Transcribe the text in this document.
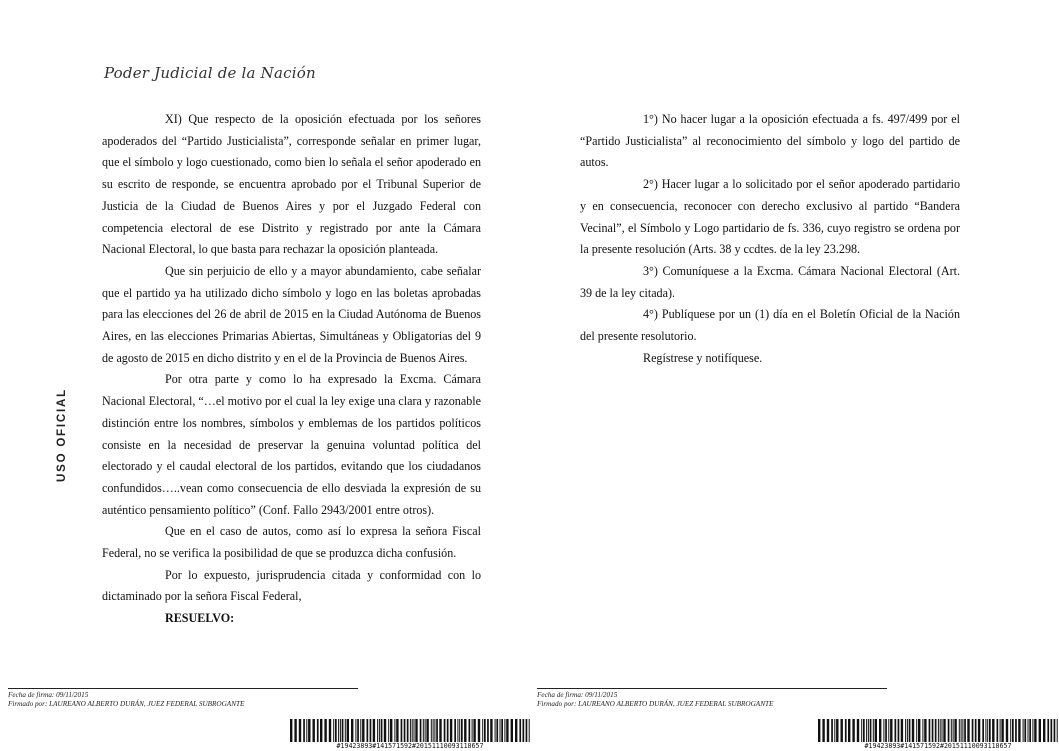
Poder Judicial de la Nación
USO OFICIAL

XI) Que respecto de la oposición efectuada por los señores apoderados del “Partido Justicialista”, corresponde señalar en primer lugar, que el símbolo y logo cuestionado, como bien lo señala el señor apoderado en su escrito de responde, se encuentra aprobado por el Tribunal Superior de Justicia de la Ciudad de Buenos Aires y por el Juzgado Federal con competencia electoral de ese Distrito y registrado por ante la Cámara Nacional Electoral, lo que basta para rechazar la oposición planteada.

Que sin perjuicio de ello y a mayor abundamiento, cabe señalar que el partido ya ha utilizado dicho símbolo y logo en las boletas aprobadas para las elecciones del 26 de abril de 2015 en la Ciudad Autónoma de Buenos Aires, en las elecciones Primarias Abiertas, Simultáneas y Obligatorias del 9 de agosto de 2015 en dicho distrito y en el de la Provincia de Buenos Aires.

Por otra parte y como lo ha expresado la Excma. Cámara Nacional Electoral, “…el motivo por el cual la ley exige una clara y razonable distinción entre los nombres, símbolos y emblemas de los partidos políticos consiste en la necesidad de preservar la genuina voluntad política del electorado y el caudal electoral de los partidos, evitando que los ciudadanos confundidos…..vean como consecuencia de ello desviada la expresión de su auténtico pensamiento político” (Conf. Fallo 2943/2001 entre otros).

Que en el caso de autos, como así lo expresa la señora Fiscal Federal, no se verifica la posibilidad de que se produzca dicha confusión.

Por lo expuesto, jurisprudencia citada y conformidad con lo dictaminado por la señora Fiscal Federal,

RESUELVO:

1°) No hacer lugar a la oposición efectuada a fs. 497/499 por el “Partido Justicialista” al reconocimiento del símbolo y logo del partido de autos.

2°) Hacer lugar a lo solicitado por el señor apoderado partidario y en consecuencia, reconocer con derecho exclusivo al partido “Bandera Vecinal”, el Símbolo y Logo partidario de fs. 336, cuyo registro se ordena por la presente resolución (Arts. 38 y ccdtes. de la ley 23.298.

3°) Comuníquese a la Excma. Cámara Nacional Electoral (Art. 39 de la ley citada).

4°) Publíquese por un (1) día en el Boletín Oficial de la Nación del presente resolutorio.

Regístrese y notifíquese.

Fecha de firma: 09/11/2015
Firmado por: LAUREANO ALBERTO DURÁN, JUEZ FEDERAL SUBROGANTE
Fecha de firma: 09/11/2015
Firmado por: LAUREANO ALBERTO DURÁN, JUEZ FEDERAL SUBROGANTE
#19423893#141571592#20151110093118657	#19423893#141571592#20151110093118657
